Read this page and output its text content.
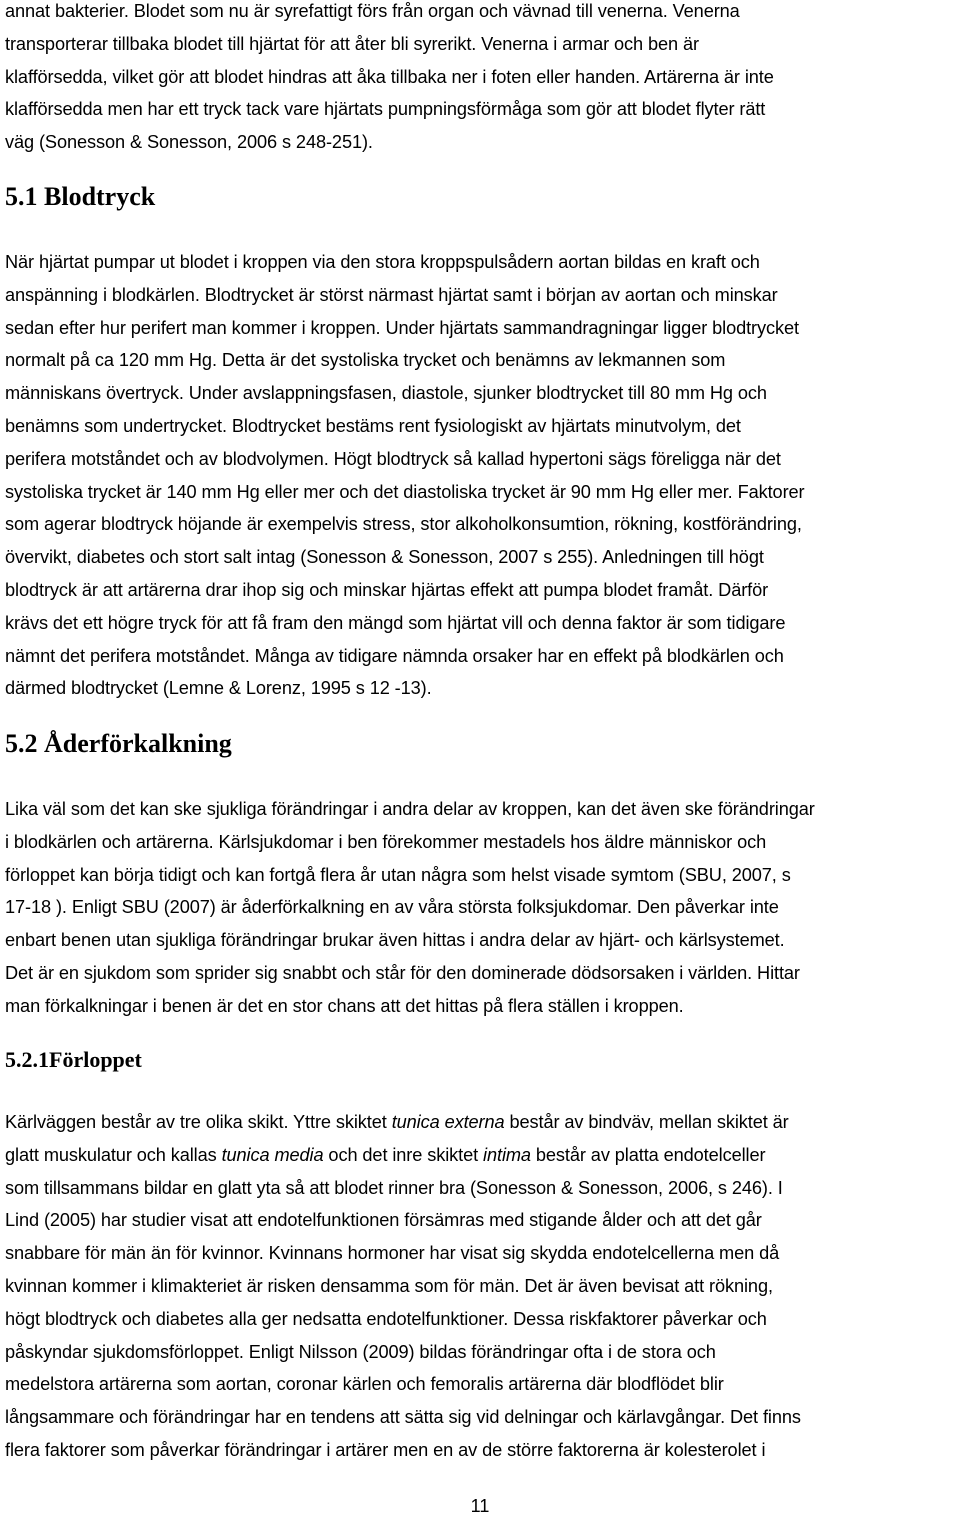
annat bakterier. Blodet som nu är syrefattigt förs från organ och vävnad till venerna. Venerna
transporterar tillbaka blodet till hjärtat för att åter bli syrerikt. Venerna i armar och ben är
klafförsedda, vilket gör att blodet hindras att åka tillbaka ner i foten eller handen. Artärerna är inte
klafförsedda men har ett tryck tack vare hjärtats pumpningsförmåga som gör att blodet flyter rätt
väg (Sonesson & Sonesson, 2006 s 248-251).

5.1 Blodtryck

När hjärtat pumpar ut blodet i kroppen via den stora kroppspulsådern aortan bildas en kraft och
anspänning i blodkärlen. Blodtrycket är störst närmast hjärtat samt i början av aortan och minskar
sedan efter hur perifert man kommer i kroppen. Under hjärtats sammandragningar ligger blodtrycket
normalt på ca 120 mm Hg. Detta är det systoliska trycket och benämns av lekmannen som
människans övertryck. Under avslappningsfasen, diastole, sjunker blodtrycket till 80 mm Hg och
benämns som undertrycket. Blodtrycket bestäms rent fysiologiskt av hjärtats minutvolym, det
perifera motståndet och av blodvolymen. Högt blodtryck så kallad hypertoni sägs föreligga när det
systoliska trycket är 140 mm Hg eller mer och det diastoliska trycket är 90 mm Hg eller mer. Faktorer
som agerar blodtryck höjande är exempelvis stress, stor alkoholkonsumtion, rökning, kostförändring,
övervikt, diabetes och stort salt intag (Sonesson & Sonesson, 2007 s 255). Anledningen till högt
blodtryck är att artärerna drar ihop sig och minskar hjärtas effekt att pumpa blodet framåt. Därför
krävs det ett högre tryck för att få fram den mängd som hjärtat vill och denna faktor är som tidigare
nämnt det perifera motståndet. Många av tidigare nämnda orsaker har en effekt på blodkärlen och
därmed blodtrycket (Lemne & Lorenz, 1995 s 12 -13).

5.2 Åderförkalkning

Lika väl som det kan ske sjukliga förändringar i andra delar av kroppen, kan det även ske förändringar
i blodkärlen och artärerna. Kärlsjukdomar i ben förekommer mestadels hos äldre människor och
förloppet kan börja tidigt och kan fortgå flera år utan några som helst visade symtom (SBU, 2007, s
17-18 ). Enligt SBU (2007) är åderförkalkning en av våra största folksjukdomar. Den påverkar inte
enbart benen utan sjukliga förändringar brukar även hittas i andra delar av hjärt- och kärlsystemet.
Det är en sjukdom som sprider sig snabbt och står för den dominerade dödsorsaken i världen. Hittar
man förkalkningar i benen är det en stor chans att det hittas på flera ställen i kroppen.

5.2.1Förloppet

Kärlväggen består av tre olika skikt. Yttre skiktet tunica externa består av bindväv, mellan skiktet är
glatt muskulatur och kallas tunica media och det inre skiktet intima består av platta endotelceller
som tillsammans bildar en glatt yta så att blodet rinner bra (Sonesson & Sonesson, 2006, s 246). I
Lind (2005) har studier visat att endotelfunktionen försämras med stigande ålder och att det går
snabbare för män än för kvinnor. Kvinnans hormoner har visat sig skydda endotelcellerna men då
kvinnan kommer i klimakteriet är risken densamma som för män. Det är även bevisat att rökning,
högt blodtryck och diabetes alla ger nedsatta endotelfunktioner. Dessa riskfaktorer påverkar och
påskyndar sjukdomsförloppet. Enligt Nilsson (2009) bildas förändringar ofta i de stora och
medelstora artärerna som aortan, coronar kärlen och femoralis artärerna där blodflödet blir
långsammare och förändringar har en tendens att sätta sig vid delningar och kärlavgångar. Det finns
flera faktorer som påverkar förändringar i artärer men en av de större faktorerna är kolesterolet i

11
